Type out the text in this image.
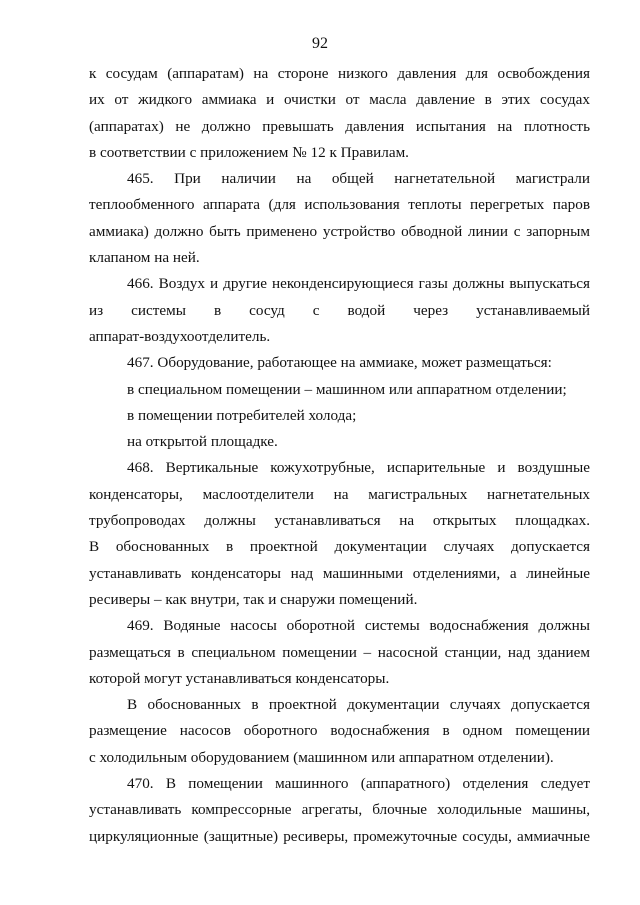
92
к сосудам (аппаратам) на стороне низкого давления для освобождения
их от жидкого аммиака и очистки от масла давление в этих сосудах
(аппаратах) не должно превышать давления испытания на плотность
в соответствии с приложением № 12 к Правилам.
465. При наличии на общей нагнетательной магистрали
теплообменного аппарата (для использования теплоты перегретых паров
аммиака) должно быть применено устройство обводной линии с запорным
клапаном на ней.
466. Воздух и другие неконденсирующиеся газы должны выпускаться
из системы в сосуд с водой через устанавливаемый
аппарат-воздухоотделитель.
467. Оборудование, работающее на аммиаке, может размещаться:
в специальном помещении – машинном или аппаратном отделении;
в помещении потребителей холода;
на открытой площадке.
468. Вертикальные кожухотрубные, испарительные и воздушные
конденсаторы, маслоотделители на магистральных нагнетательных
трубопроводах должны устанавливаться на открытых площадках.
В обоснованных в проектной документации случаях допускается
устанавливать конденсаторы над машинными отделениями, а линейные
ресиверы – как внутри, так и снаружи помещений.
469. Водяные насосы оборотной системы водоснабжения должны
размещаться в специальном помещении – насосной станции, над зданием
которой могут устанавливаться конденсаторы.
В обоснованных в проектной документации случаях допускается
размещение насосов оборотного водоснабжения в одном помещении
с холодильным оборудованием (машинном или аппаратном отделении).
470. В помещении машинного (аппаратного) отделения следует
устанавливать компрессорные агрегаты, блочные холодильные машины,
циркуляционные (защитные) ресиверы, промежуточные сосуды, аммиачные
